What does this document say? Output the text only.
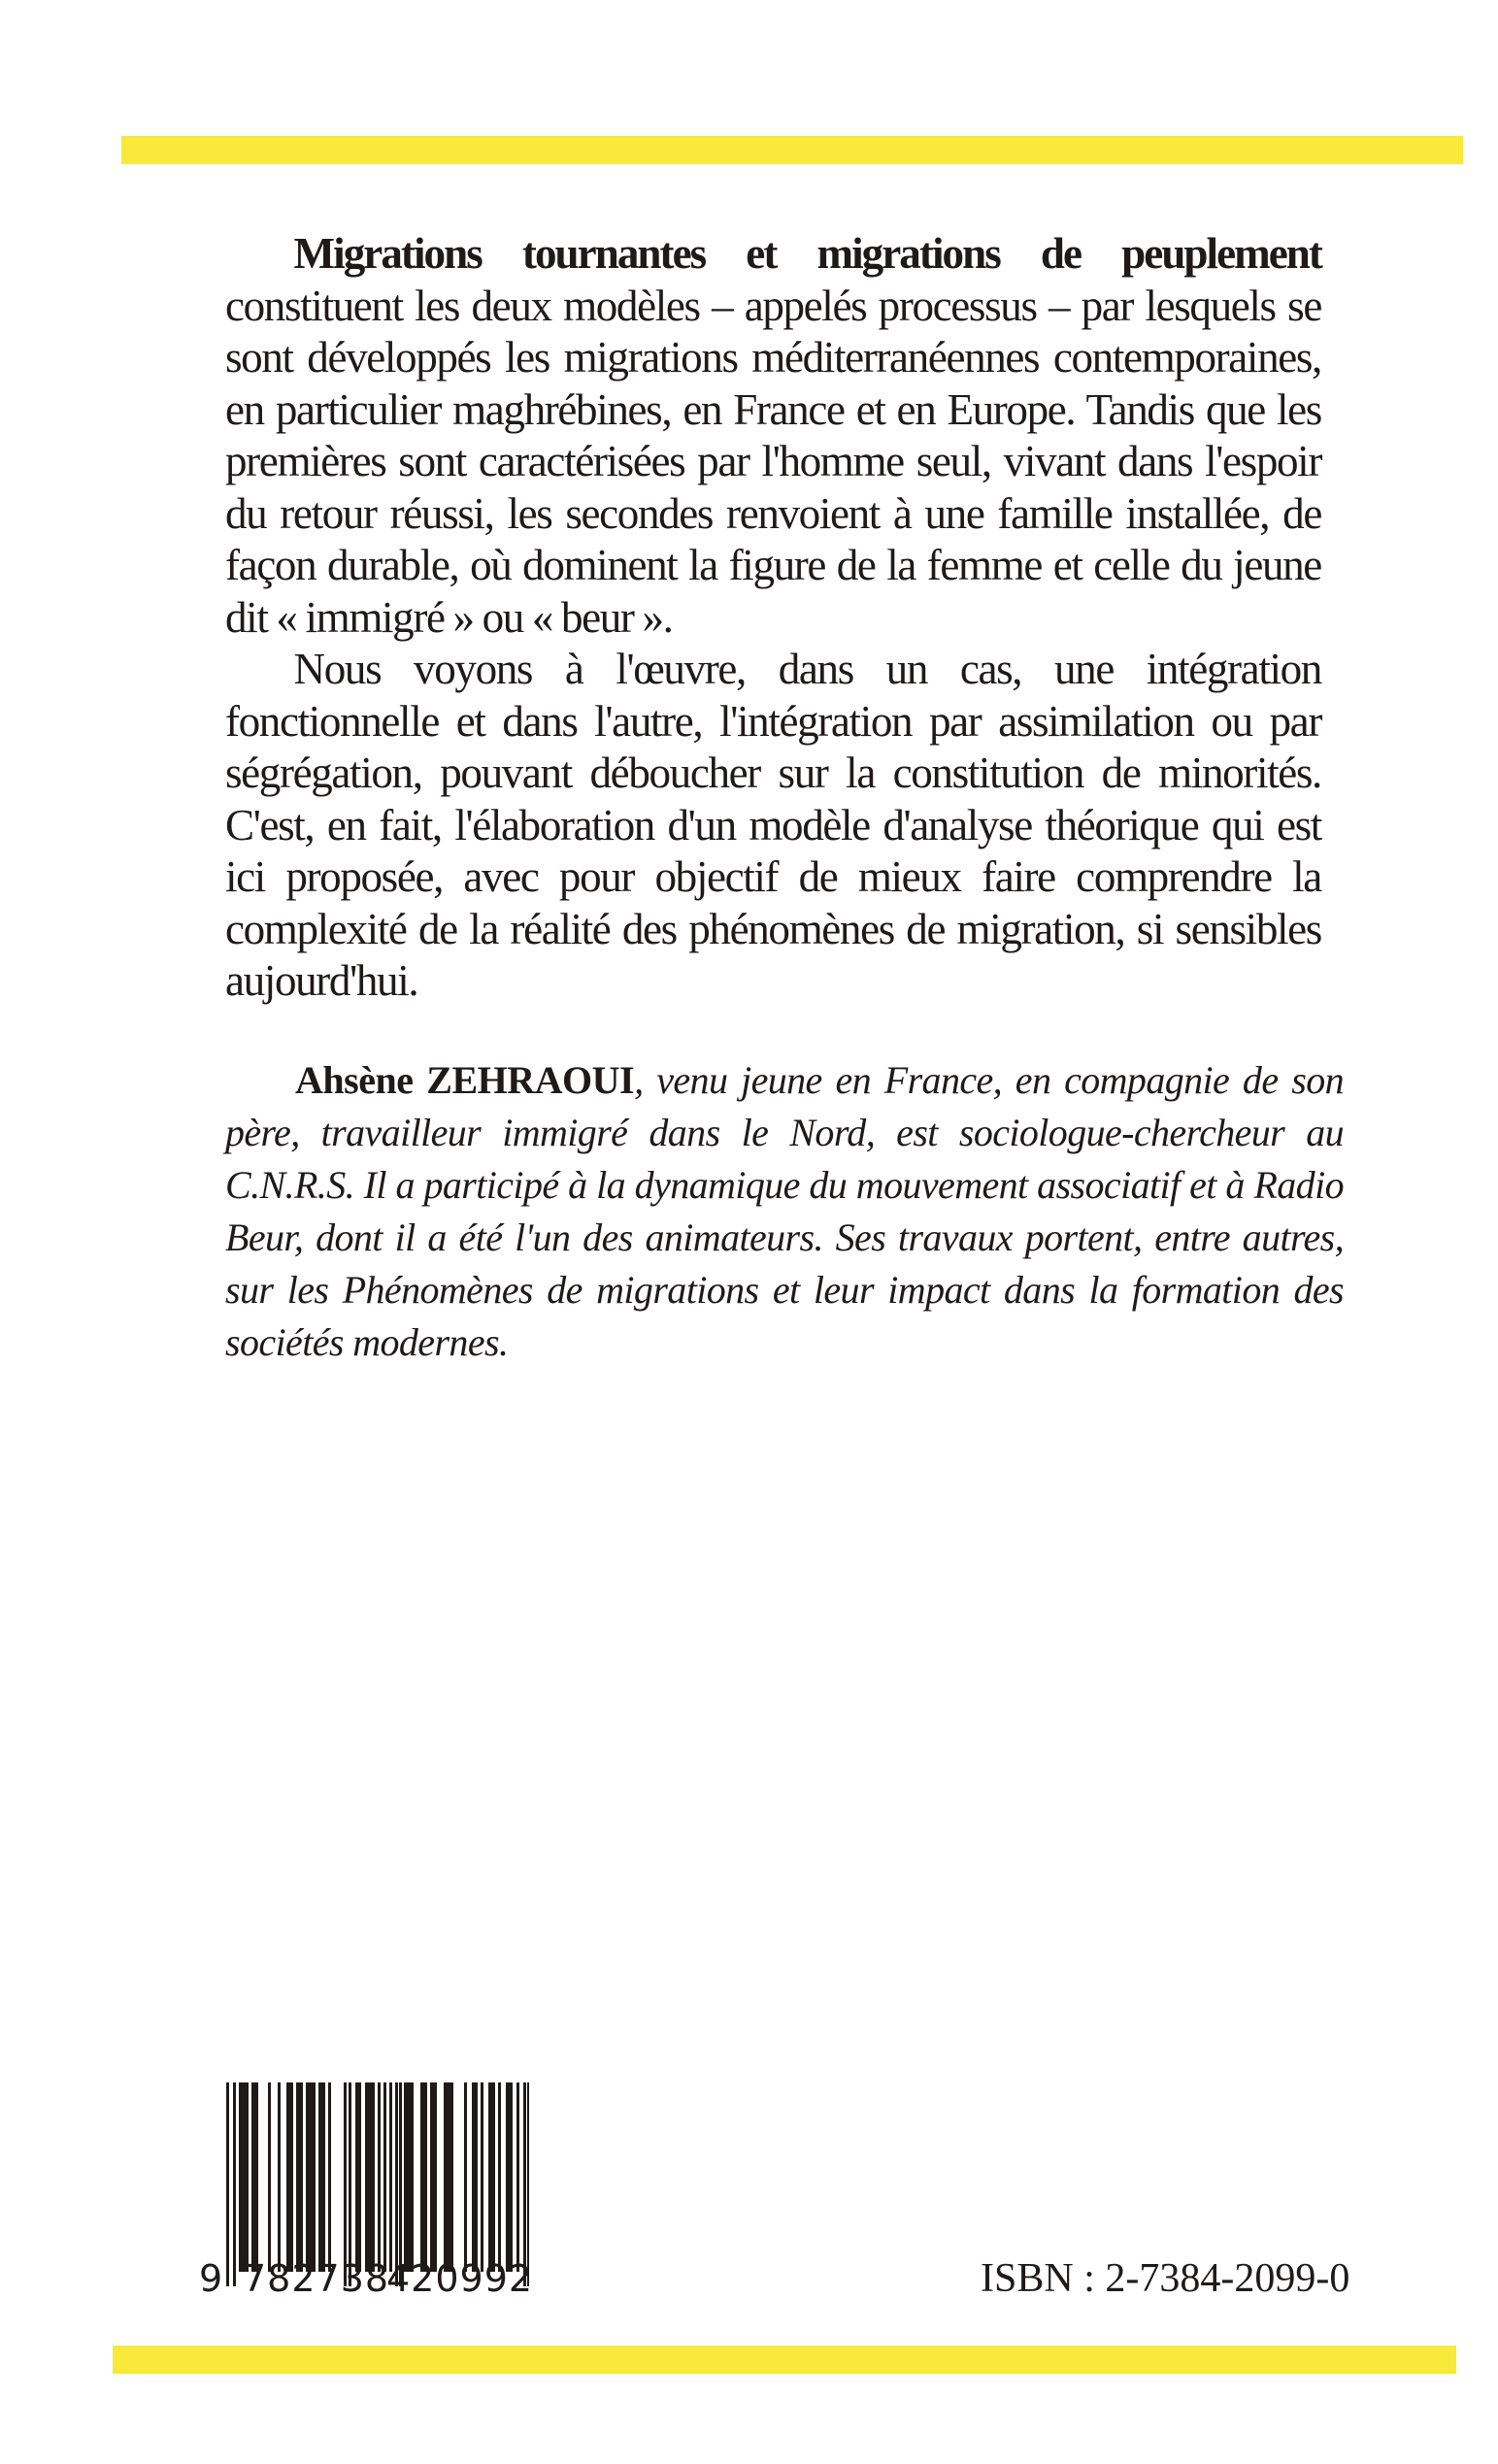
Migrations tournantes et migrations de peuplement constituent les deux modèles – appelés processus – par lesquels se sont développés les migrations méditerranéennes contemporaines, en particulier maghrébines, en France et en Europe. Tandis que les premières sont caractérisées par l'homme seul, vivant dans l'espoir du retour réussi, les secondes renvoient à une famille installée, de façon durable, où dominent la figure de la femme et celle du jeune dit « immigré » ou « beur ».

Nous voyons à l'œuvre, dans un cas, une intégration fonctionnelle et dans l'autre, l'intégration par assimilation ou par ségrégation, pouvant déboucher sur la constitution de minorités. C'est, en fait, l'élaboration d'un modèle d'analyse théorique qui est ici proposée, avec pour objectif de mieux faire comprendre la complexité de la réalité des phénomènes de migration, si sensibles aujourd'hui.

Ahsène ZEHRAOUI, venu jeune en France, en compagnie de son père, travailleur immigré dans le Nord, est sociologue-chercheur au C.N.R.S. Il a participé à la dynamique du mouvement associatif et à Radio Beur, dont il a été l'un des animateurs. Ses travaux portent, entre autres, sur les Phénomènes de migrations et leur impact dans la formation des sociétés modernes.

9 782738
420992	ISBN : 2-7384-2099-0
